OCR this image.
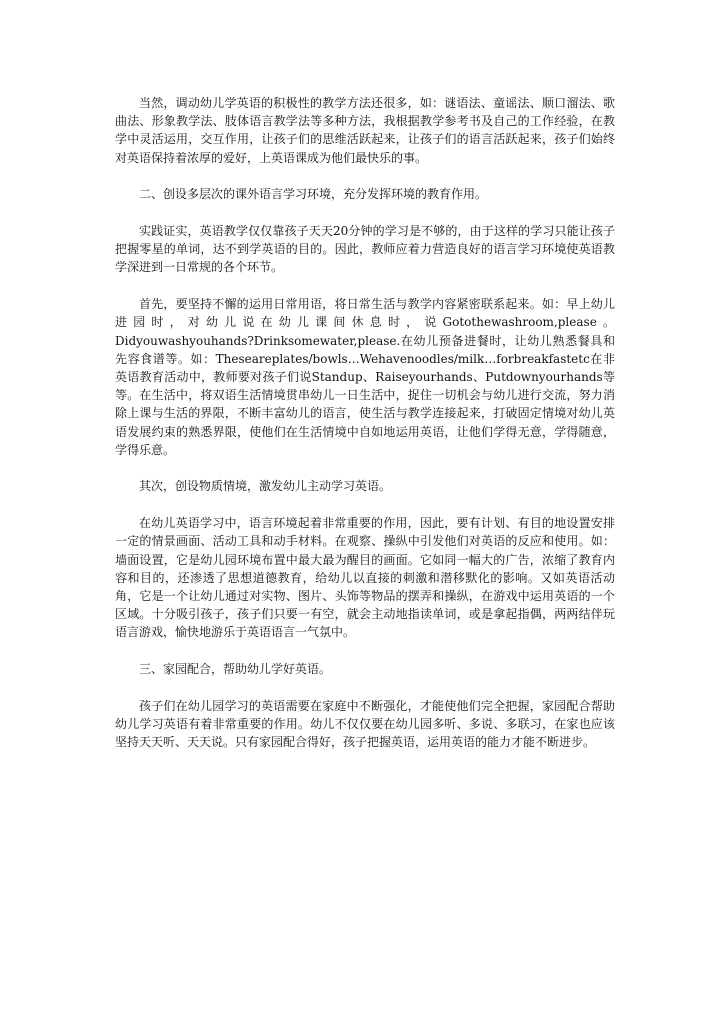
当然，调动幼儿学英语的积极性的教学方法还很多，如：谜语法、童谣法、顺口溜法、歌曲法、形象教学法、肢体语言教学法等多种方法，我根据教学参考书及自己的工作经验，在教学中灵活运用，交互作用，让孩子们的思维活跃起来，让孩子们的语言活跃起来，孩子们始终对英语保持着浓厚的爱好，上英语课成为他们最快乐的事。

二、创设多层次的课外语言学习环境，充分发挥环境的教育作用。

实践证实，英语教学仅仅靠孩子天天20分钟的学习是不够的，由于这样的学习只能让孩子把握零星的单词，达不到学英语的目的。因此，教师应着力营造良好的语言学习环境使英语教学深进到一日常规的各个环节。

首先，要坚持不懈的运用日常用语，将日常生活与教学内容紧密联系起来。如：早上幼儿进园时，对幼儿说在幼儿课间休息时，说Gotothewashroom,please。Didyouwashyouhands?Drinksomewater,please.在幼儿预备进餐时，让幼儿熟悉餐具和先容食谱等。如：Theseareplates/bowls…Wehavenoodles/milk…forbreakfastetc在非英语教育活动中，教师要对孩子们说Standup、Raiseyourhands、Putdownyourhands等等。在生活中，将双语生活情境贯串幼儿一日生活中，捉住一切机会与幼儿进行交流，努力消除上课与生活的界限，不断丰富幼儿的语言，使生活与教学连接起来，打破固定情境对幼儿英语发展约束的熟悉界限，使他们在生活情境中自如地运用英语，让他们学得无意，学得随意，学得乐意。

其次，创设物质情境，激发幼儿主动学习英语。

在幼儿英语学习中，语言环境起着非常重要的作用，因此，要有计划、有目的地设置安排一定的情景画面、活动工具和动手材料。在观察、操纵中引发他们对英语的反应和使用。如：墙面设置，它是幼儿园环境布置中最大最为醒目的画面。它如同一幅大的广告，浓缩了教育内容和目的，还渗透了思想道德教育，给幼儿以直接的刺激和潜移默化的影响。又如英语活动角，它是一个让幼儿通过对实物、图片、头饰等物品的摆弄和操纵，在游戏中运用英语的一个区域。十分吸引孩子，孩子们只要一有空，就会主动地指读单词，或是拿起指偶，两两结伴玩语言游戏，愉快地游乐于英语语言一气氛中。

三、家园配合，帮助幼儿学好英语。

孩子们在幼儿园学习的英语需要在家庭中不断强化，才能使他们完全把握，家园配合帮助幼儿学习英语有着非常重要的作用。幼儿不仅仅要在幼儿园多听、多说、多联习，在家也应该坚持天天听、天天说。只有家园配合得好，孩子把握英语，运用英语的能力才能不断进步。
